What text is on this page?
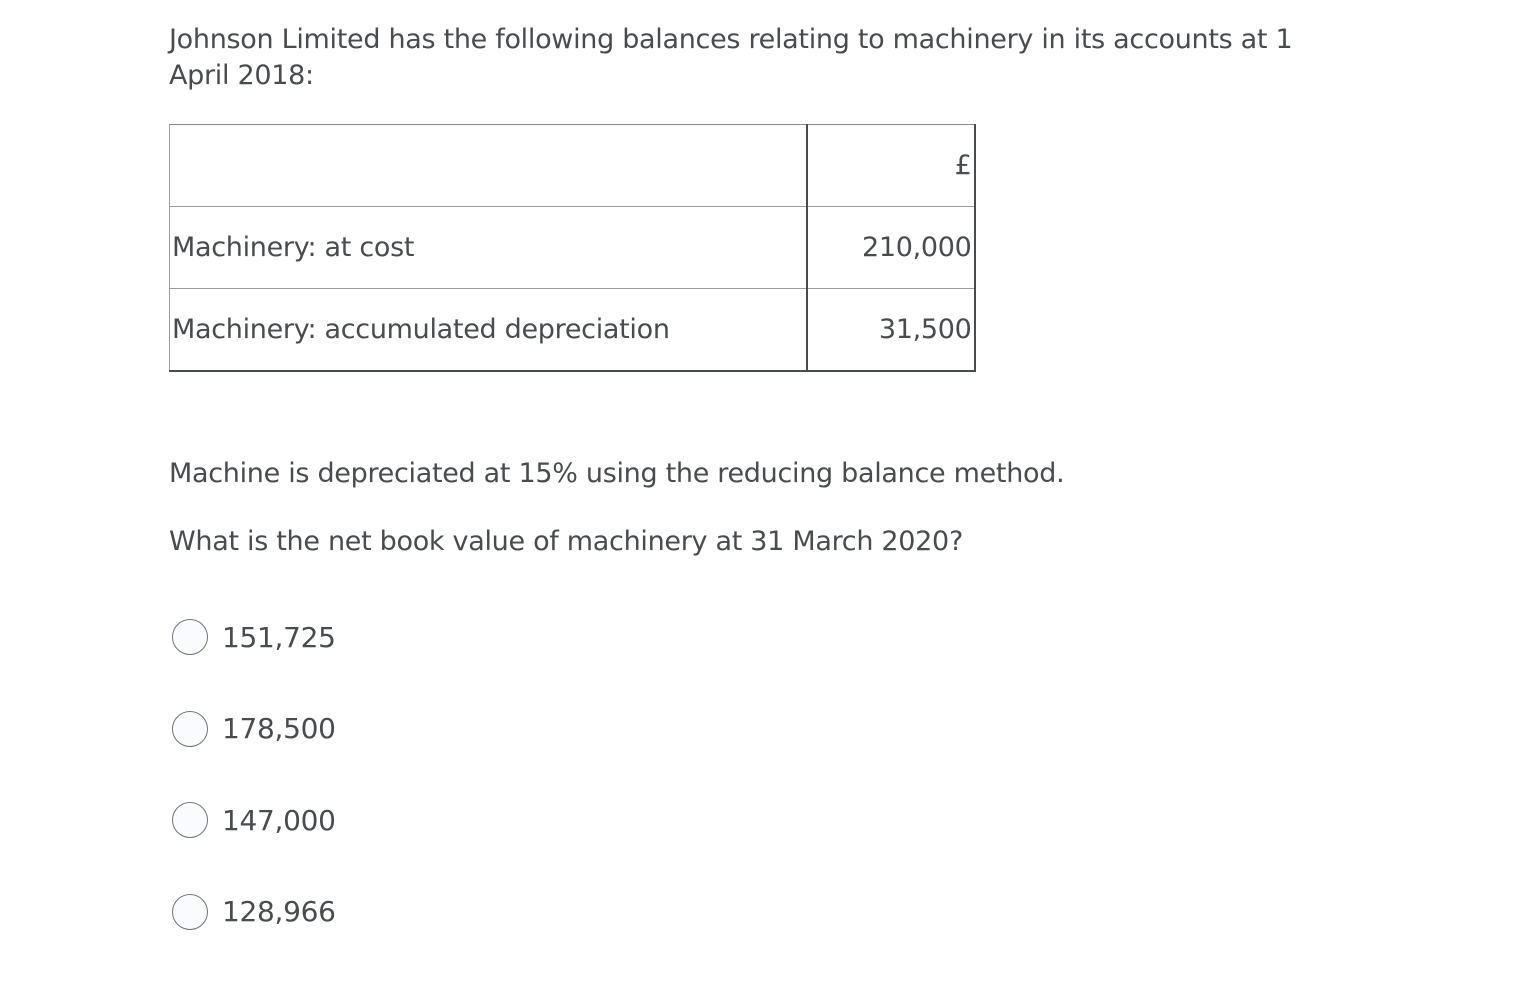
Johnson Limited has the following balances relating to machinery in its accounts at 1 April 2018:

	£
Machinery: at cost	210,000
Machinery: accumulated depreciation	31,500

Machine is depreciated at 15% using the reducing balance method.

What is the net book value of machinery at 31 March 2020?

151,725
178,500
147,000
128,966
